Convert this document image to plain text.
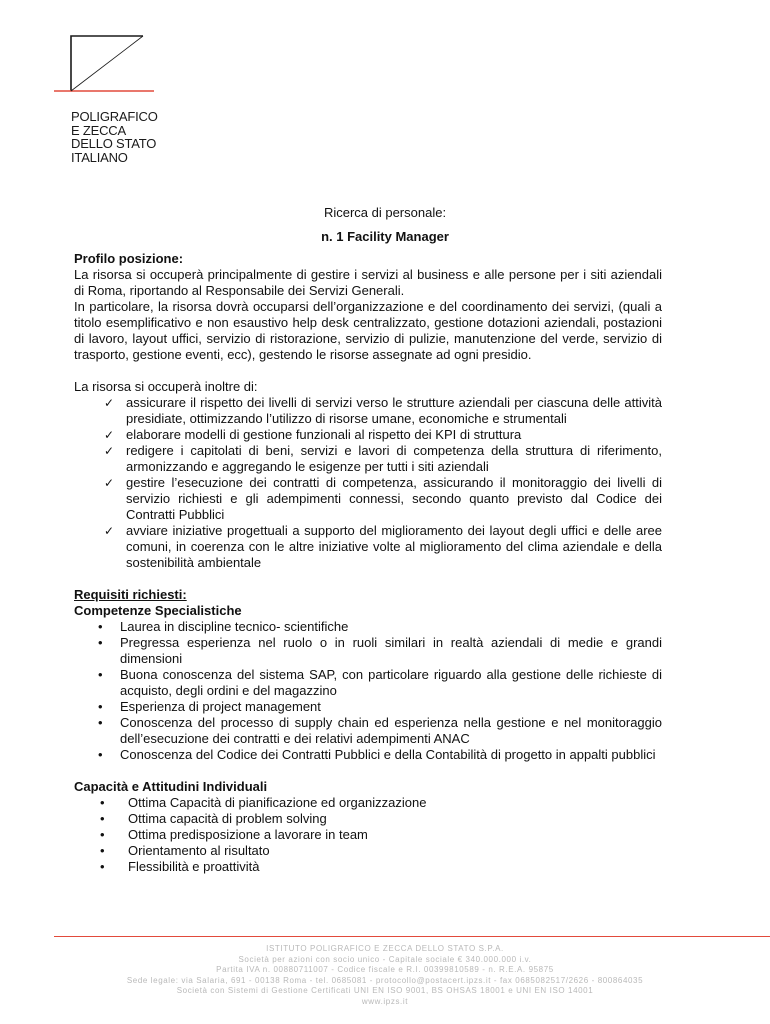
POLIGRAFICO
E ZECCA
DELLO STATO
ITALIANO
Ricerca di personale:
n. 1 Facility Manager
Profilo posizione:
La risorsa si occuperà principalmente di gestire i servizi al business e alle persone per i siti aziendali di Roma, riportando al Responsabile dei Servizi Generali.
In particolare, la risorsa dovrà occuparsi dell’organizzazione e del coordinamento dei servizi, (quali a titolo esemplificativo e non esaustivo help desk centralizzato, gestione dotazioni aziendali, postazioni di lavoro, layout uffici, servizio di ristorazione, servizio di pulizie, manutenzione del verde, servizio di trasporto, gestione eventi, ecc), gestendo le risorse assegnate ad ogni presidio.
La risorsa si occuperà inoltre di:
✓ assicurare il rispetto dei livelli di servizi verso le strutture aziendali per ciascuna delle attività presidiate, ottimizzando l’utilizzo di risorse umane, economiche e strumentali
✓ elaborare modelli di gestione funzionali al rispetto dei KPI di struttura
✓ redigere i capitolati di beni, servizi e lavori di competenza della struttura di riferimento, armonizzando e aggregando le esigenze per tutti i siti aziendali
✓ gestire l’esecuzione dei contratti di competenza, assicurando il monitoraggio dei livelli di servizio richiesti e gli adempimenti connessi, secondo quanto previsto dal Codice dei Contratti Pubblici
✓ avviare iniziative progettuali a supporto del miglioramento dei layout degli uffici e delle aree comuni, in coerenza con le altre iniziative volte al miglioramento del clima aziendale e della sostenibilità ambientale
Requisiti richiesti:
Competenze Specialistiche
• Laurea in discipline tecnico- scientifiche
• Pregressa esperienza nel ruolo o in ruoli similari in realtà aziendali di medie e grandi dimensioni
• Buona conoscenza del sistema SAP, con particolare riguardo alla gestione delle richieste di acquisto, degli ordini e del magazzino
• Esperienza di project management
• Conoscenza del processo di supply chain ed esperienza nella gestione e nel monitoraggio dell’esecuzione dei contratti e dei relativi adempimenti ANAC
• Conoscenza del Codice dei Contratti Pubblici e della Contabilità di progetto in appalti pubblici
Capacità e Attitudini Individuali
• Ottima Capacità di pianificazione ed organizzazione
• Ottima capacità di problem solving
• Ottima predisposizione a lavorare in team
• Orientamento al risultato
• Flessibilità e proattività
ISTITUTO POLIGRAFICO E ZECCA DELLO STATO S.P.A.
Società per azioni con socio unico - Capitale sociale € 340.000.000 i.v.
Partita IVA n. 00880711007 - Codice fiscale e R.I. 00399810589 - n. R.E.A. 95875
Sede legale: via Salaria, 691 - 00138 Roma - tel. 0685081 - protocollo@postacert.ipzs.it - fax 0685082517/2626 - 800864035
Società con Sistemi di Gestione Certificati UNI EN ISO 9001, BS OHSAS 18001 e UNI EN ISO 14001
www.ipzs.it
